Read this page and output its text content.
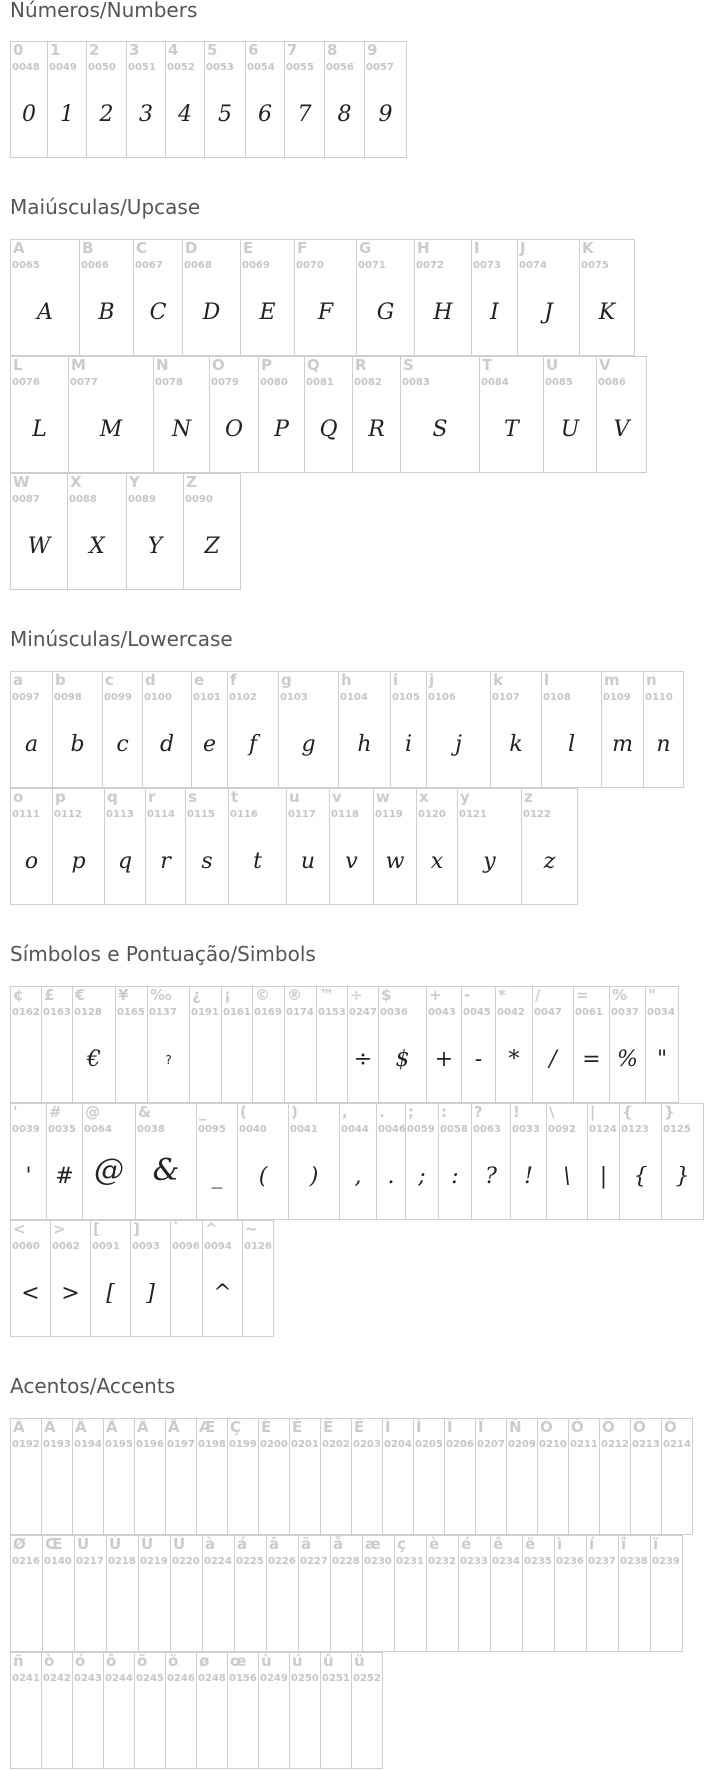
Números/Numbers
Maiúsculas/Upcase
Minúsculas/Lowercase
Símbolos e Pontuação/Simbols
Acentos/Accents
0
0048
0
1
0049
1
2
0050
2
3
0051
3
4
0052
4
5
0053
5
6
0054
6
7
0055
7
8
0056
8
9
0057
9
A
0065
A
B
0066
B
C
0067
C
D
0068
D
E
0069
E
F
0070
F
G
0071
G
H
0072
H
I
0073
I
J
0074
J
K
0075
K
L
0076
L
M
0077
M
N
0078
N
O
0079
O
P
0080
P
Q
0081
Q
R
0082
R
S
0083
S
T
0084
T
U
0085
U
V
0086
V
W
0087
W
X
0088
X
Y
0089
Y
Z
0090
Z
a
0097
a
b
0098
b
c
0099
c
d
0100
d
e
0101
e
f
0102
f
g
0103
g
h
0104
h
i
0105
i
j
0106
j
k
0107
k
l
0108
l
m
0109
m
n
0110
n
o
0111
o
p
0112
p
q
0113
q
r
0114
r
s
0115
s
t
0116
t
u
0117
u
v
0118
v
w
0119
w
x
0120
x
y
0121
y
z
0122
z
¢
0162
£
0163
€
0128
€
¥
0165
‰
0137
?
¿
0191
¡
0161
©
0169
®
0174
™
0153
÷
0247
÷
$
0036
$
+
0043
+
-
0045
-
*
0042
*
/
0047
/
=
0061
=
%
0037
%
"
0034
"
'
0039
'
#
0035
#
@
0064
@
&
0038
&
_
0095
_
(
0040
(
)
0041
)
,
0044
,
.
0046
.
;
0059
;
:
0058
:
?
0063
?
!
0033
!
\
0092
\
|
0124
|
{
0123
{
}
0125
}
<
0060
<
>
0062
>
[
0091
[
]
0093
]
`
0096
^
0094
^
~
0126
À
0192
Á
0193
Â
0194
Ã
0195
Ä
0196
Å
0197
Æ
0198
Ç
0199
È
0200
É
0201
Ê
0202
Ë
0203
Ì
0204
Í
0205
Î
0206
Ï
0207
Ñ
0209
Ò
0210
Ó
0211
Ô
0212
Õ
0213
Ö
0214
Ø
0216
Œ
0140
Ù
0217
Ú
0218
Û
0219
Ü
0220
à
0224
á
0225
â
0226
ã
0227
å
0228
æ
0230
ç
0231
è
0232
é
0233
ê
0234
ë
0235
ì
0236
í
0237
î
0238
ï
0239
ñ
0241
ò
0242
ó
0243
ô
0244
õ
0245
ö
0246
ø
0248
œ
0156
ù
0249
ú
0250
û
0251
ü
0252
